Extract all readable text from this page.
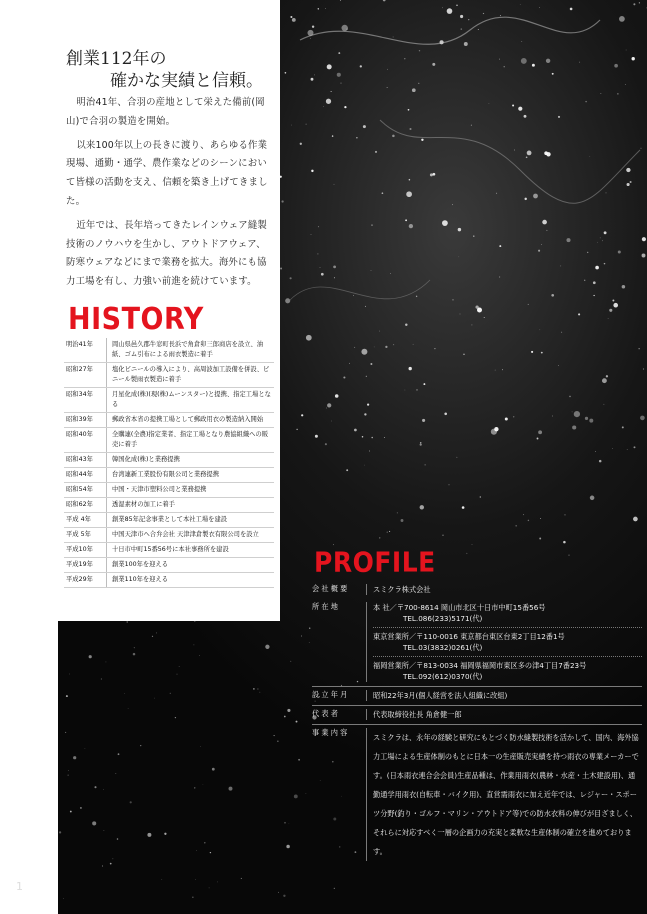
創業112年の
確かな実績と信頼。

明治41年、合羽の産地として栄えた備前(岡山)で合羽の製造を開始。

以来100年以上の長きに渡り、あらゆる作業現場、通勤・通学、農作業などのシーンにおいて皆様の活動を支え、信頼を築き上げてきました。

近年では、長年培ってきたレインウェア縫製技術のノウハウを生かし、アウトドアウェア、防寒ウェアなどにまで業務を拡大。海外にも協力工場を有し、力強い前進を続けています。

HISTORY
明治41年	岡山県邑久郡牛窓町長浜で角倉卯三郎商店を設立、油紙、ゴム引布による雨衣製造に着手
昭和27年	塩化ビニールの導入により、高周波加工設備を併設、ビニール製雨衣製造に着手
昭和34年	月星化成(株)(現(株)ムーンスター)と提携、指定工場となる
昭和39年	郵政省本省の提携工場として郵政用衣の製造納入開始
昭和40年	全購連(全農)指定業者、指定工場となり農協組織への販売に着手
昭和43年	韓国化成(株)と業務提携
昭和44年	台湾連新工業股份有限公司と業務提携
昭和54年	中国・天津市塑料公司と業務提携
昭和62年	透湿素材の加工に着手
平成 4年	創業85年記念事業として本社工場を建設
平成 5年	中国天津市へ合弁会社 天津津倉製衣有限公司を設立
平成10年	十日市中町15番56号に本社事務所を建設
平成19年	創業100年を迎える
平成29年	創業110年を迎える
PROFILE
会社概要	スミクラ株式会社
所在地	本 社／〒700-8614 岡山市北区十日市中町15番56号
TEL.086(233)5171(代)
東京営業所／〒110-0016 東京都台東区台東2丁目12番1号
TEL.03(3832)0261(代)
福岡営業所／〒813-0034 福岡県福岡市東区多の津4丁目7番23号
TEL.092(612)0370(代)
設立年月	昭和22年3月(個人経営を法人組織に改組)
代表者	代表取締役社長 角倉健一郎
事業内容
スミクラは、永年の経験と研究にもとづく防水縫製技術を活かして、国内、海外協力工場による生産体制のもとに日本一の生産販売実績を持つ雨衣の専業メーカーです。(日本雨衣連合会会員)生産品種は、作業用雨衣(農林・水産・土木建設用)、通勤通学用雨衣(自転車・バイク用)、直営需雨衣に加え近年では、レジャー・スポーツ分野(釣り・ゴルフ・マリン・アウトドア等)での防水衣料の伸びが目ざましく、それらに対応すべく一層の企画力の充実と柔軟な生産体制の確立を進めております。
1
